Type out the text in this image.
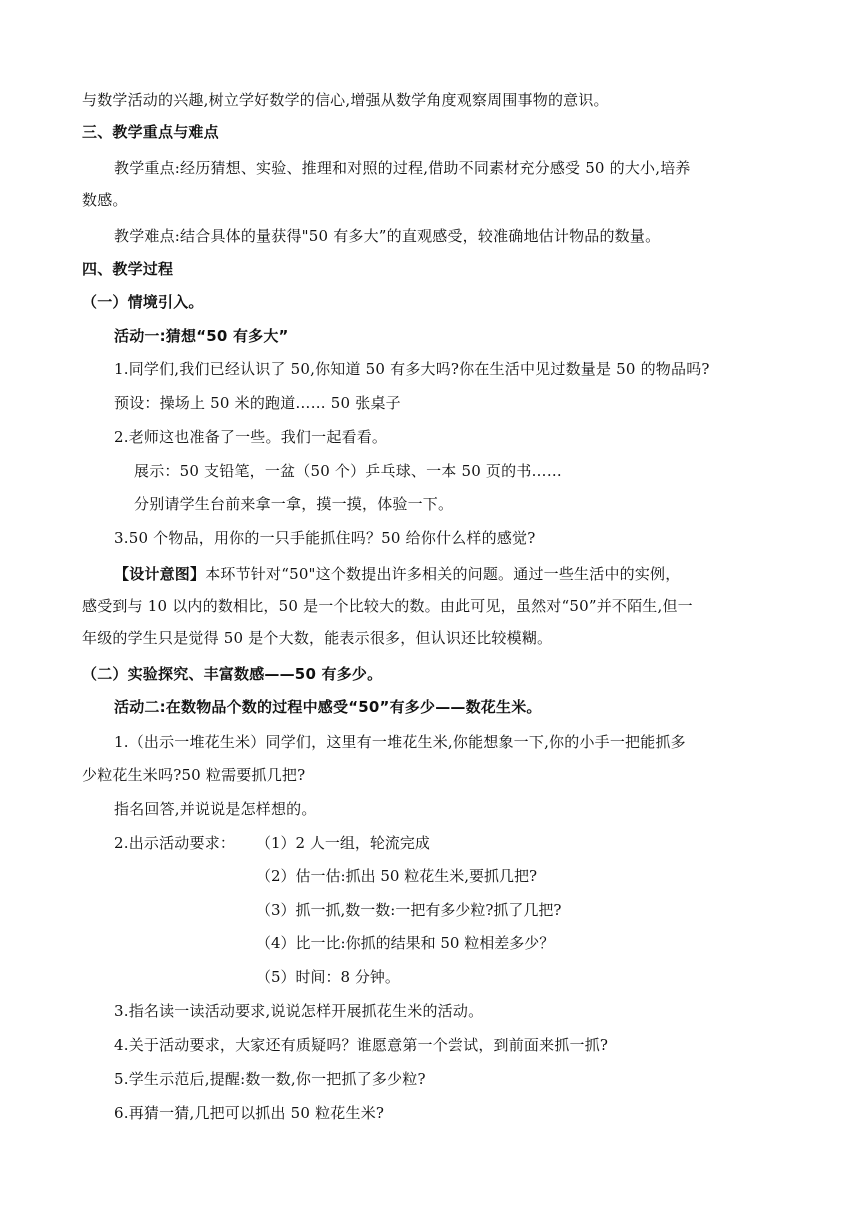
与数学活动的兴趣,树立学好数学的信心,增强从数学角度观察周围事物的意识。
三、教学重点与难点
教学重点:经历猜想、实验、推理和对照的过程,借助不同素材充分感受 50 的大小,培养
数感。
教学难点:结合具体的量获得"50 有多大”的直观感受，较准确地估计物品的数量。
四、教学过程
（一）情境引入。
活动一:猜想“50 有多大”
1.同学们,我们已经认识了 50,你知道 50 有多大吗?你在生活中见过数量是 50 的物品吗?
预设：操场上 50 米的跑道…… 50 张桌子
2.老师这也准备了一些。我们一起看看。
展示：50 支铅笔，一盆（50 个）乒乓球、一本 50 页的书……
分别请学生台前来拿一拿，摸一摸，体验一下。
3.50 个物品，用你的一只手能抓住吗？50 给你什么样的感觉?
【设计意图】本环节针对“50"这个数提出许多相关的问题。通过一些生活中的实例，
感受到与 10 以内的数相比，50 是一个比较大的数。由此可见，虽然对“50”并不陌生,但一
年级的学生只是觉得 50 是个大数，能表示很多，但认识还比较模糊。
（二）实验探究、丰富数感——50 有多少。
活动二:在数物品个数的过程中感受“50”有多少——数花生米。
1.（出示一堆花生米）同学们，这里有一堆花生米,你能想象一下,你的小手一把能抓多
少粒花生米吗?50 粒需要抓几把?
指名回答,并说说是怎样想的。
2.出示活动要求： （1）2 人一组，轮流完成
（2）估一估:抓出 50 粒花生米,要抓几把?
（3）抓一抓,数一数:一把有多少粒?抓了几把?
（4）比一比:你抓的结果和 50 粒相差多少？
（5）时间：8 分钟。
3.指名读一读活动要求,说说怎样开展抓花生米的活动。
4.关于活动要求，大家还有质疑吗？谁愿意第一个尝试，到前面来抓一抓?
5.学生示范后,提醒:数一数,你一把抓了多少粒?
6.再猜一猜,几把可以抓出 50 粒花生米?
